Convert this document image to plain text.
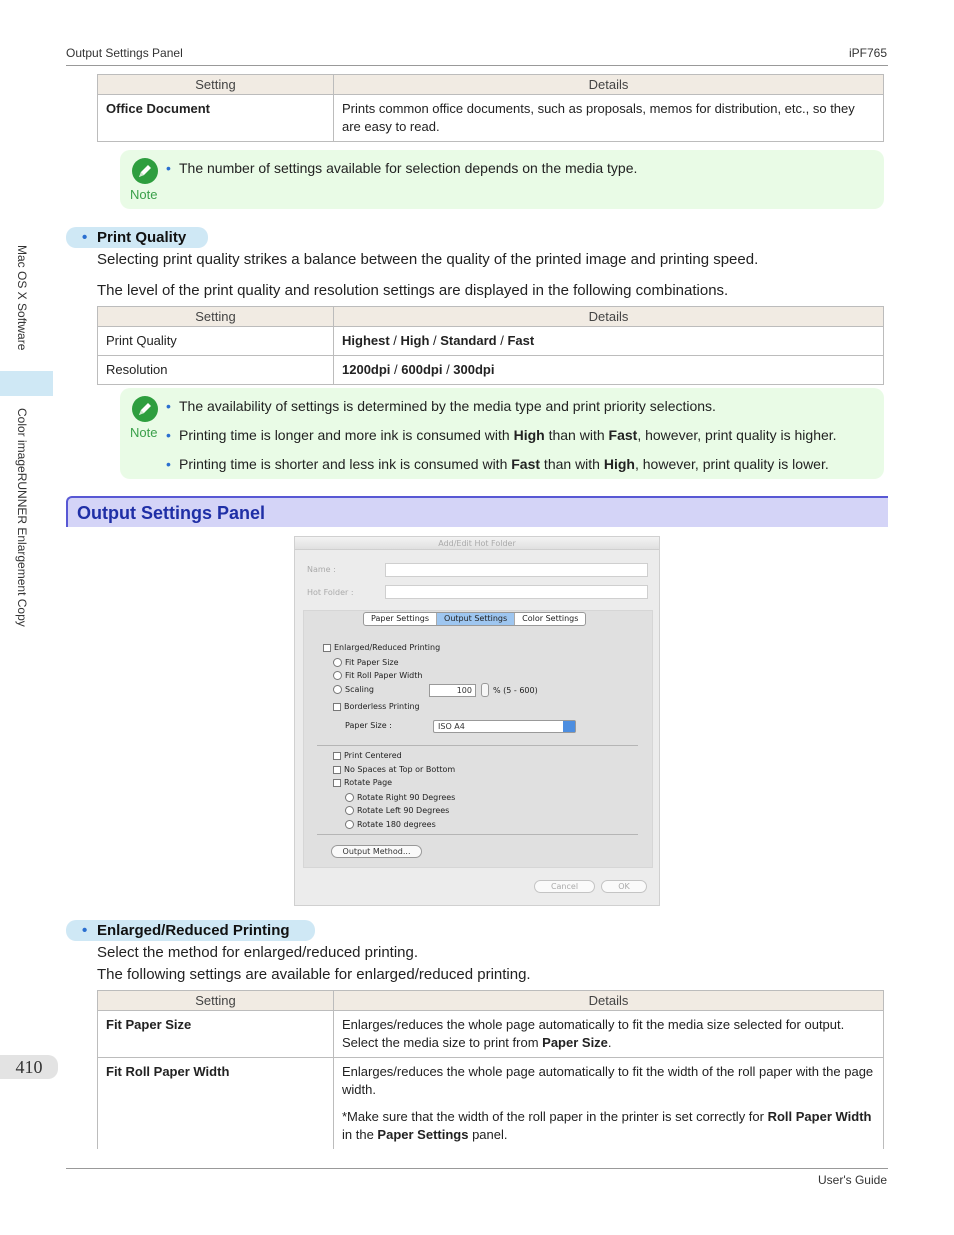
Output Settings Panel	iPF765
Mac OS X Software
Color imageRUNNER Enlargement Copy
410
Setting	Details
Office Document	Prints common office documents, such as proposals, memos for distribution, etc., so they are easy to read.
Note
• The number of settings available for selection depends on the media type.
• Print Quality
Selecting print quality strikes a balance between the quality of the printed image and printing speed.
The level of the print quality and resolution settings are displayed in the following combinations.
Setting	Details
Print Quality	Highest / High / Standard / Fast
Resolution	1200dpi / 600dpi / 300dpi
Note
• The availability of settings is determined by the media type and print priority selections.
• Printing time is longer and more ink is consumed with High than with Fast, however, print quality is higher.
• Printing time is shorter and less ink is consumed with Fast than with High, however, print quality is lower.
Output Settings Panel
Add/Edit Hot Folder
Name :
Hot Folder :
Paper Settings	Output Settings	Color Settings
Enlarged/Reduced Printing
Fit Paper Size
Fit Roll Paper Width
Scaling	100	% (5 - 600)
Borderless Printing
Paper Size :	ISO A4
Print Centered
No Spaces at Top or Bottom
Rotate Page
Rotate Right 90 Degrees
Rotate Left 90 Degrees
Rotate 180 degrees
Output Method...
Cancel	OK
• Enlarged/Reduced Printing
Select the method for enlarged/reduced printing.
The following settings are available for enlarged/reduced printing.
Setting	Details
Fit Paper Size	Enlarges/reduces the whole page automatically to fit the media size selected for output. Select the media size to print from Paper Size.
Fit Roll Paper Width	Enlarges/reduces the whole page automatically to fit the width of the roll paper with the page width.

*Make sure that the width of the roll paper in the printer is set correctly for Roll Paper Width in the Paper Settings panel.

User's Guide
